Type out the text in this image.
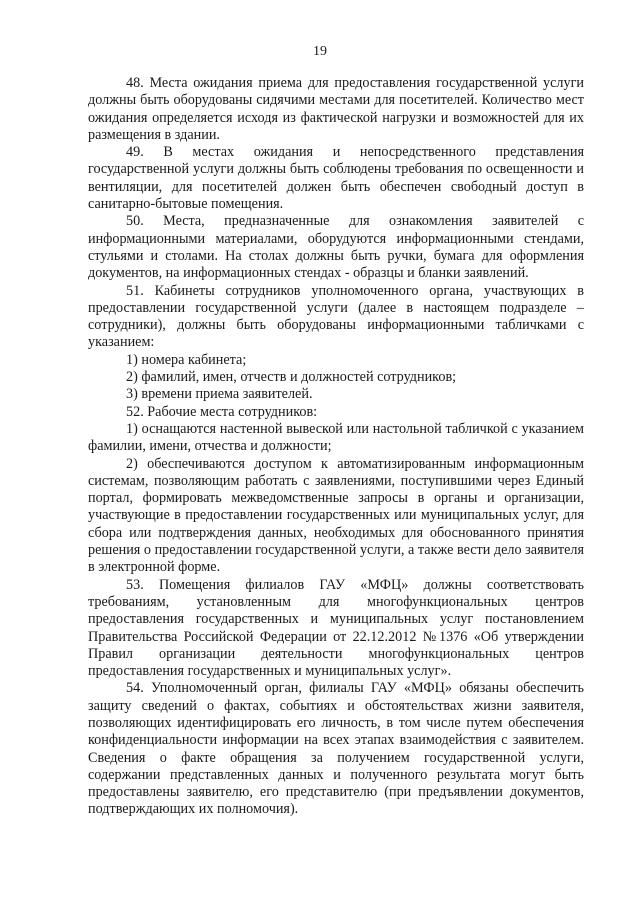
19

48. Места ожидания приема для предоставления государственной услуги должны быть оборудованы сидячими местами для посетителей. Количество мест ожидания определяется исходя из фактической нагрузки и возможностей для их размещения в здании.

49. В местах ожидания и непосредственного представления государственной услуги должны быть соблюдены требования по освещенности и вентиляции, для посетителей должен быть обеспечен свободный доступ в санитарно-бытовые помещения.

50. Места, предназначенные для ознакомления заявителей с информационными материалами, оборудуются информационными стендами, стульями и столами. На столах должны быть ручки, бумага для оформления документов, на информационных стендах - образцы и бланки заявлений.

51. Кабинеты сотрудников уполномоченного органа, участвующих в предоставлении государственной услуги (далее в настоящем подразделе – сотрудники), должны быть оборудованы информационными табличками с указанием:

1) номера кабинета;

2) фамилий, имен, отчеств и должностей сотрудников;

3) времени приема заявителей.

52. Рабочие места сотрудников:

1) оснащаются настенной вывеской или настольной табличкой с указанием фамилии, имени, отчества и должности;

2) обеспечиваются доступом к автоматизированным информационным системам, позволяющим работать с заявлениями, поступившими через Единый портал, формировать межведомственные запросы в органы и организации, участвующие в предоставлении государственных или муниципальных услуг, для сбора или подтверждения данных, необходимых для обоснованного принятия решения о предоставлении государственной услуги, а также вести дело заявителя в электронной форме.

53. Помещения филиалов ГАУ «МФЦ» должны соответствовать требованиям, установленным для многофункциональных центров предоставления государственных и муниципальных услуг постановлением Правительства Российской Федерации от 22.12.2012 №1376 «Об утверждении Правил организации деятельности многофункциональных центров предоставления государственных и муниципальных услуг».

54. Уполномоченный орган, филиалы ГАУ «МФЦ» обязаны обеспечить защиту сведений о фактах, событиях и обстоятельствах жизни заявителя, позволяющих идентифицировать его личность, в том числе путем обеспечения конфиденциальности информации на всех этапах взаимодействия с заявителем. Сведения о факте обращения за получением государственной услуги, содержании представленных данных и полученного результата могут быть предоставлены заявителю, его представителю (при предъявлении документов, подтверждающих их полномочия).
